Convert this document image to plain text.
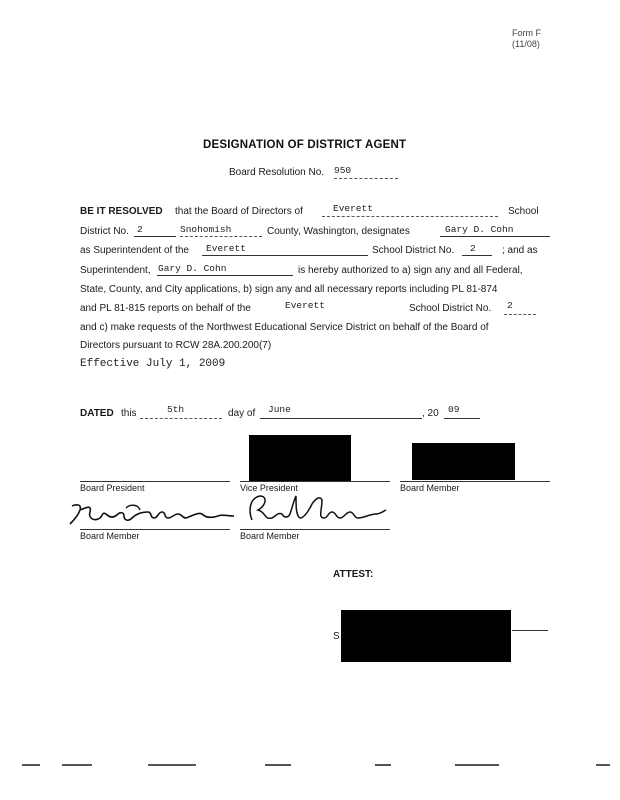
Form F
(11/08)
DESIGNATION OF DISTRICT AGENT
Board Resolution No. 950
BE IT RESOLVED that the Board of Directors of	Everett	School
District No. 2	Snohomish	County, Washington, designates	Gary D. Cohn
as Superintendent of the Everett	School District No. 2	; and as
Superintendent, Gary D. Cohn	is hereby authorized to a) sign any and all Federal,
State, County, and City applications, b) sign any and all necessary reports including PL 81-874
and PL 81-815 reports on behalf of the	Everett	School District No. 2
and c) make requests of the Northwest Educational Service District on behalf of the Board of
Directors pursuant to RCW 28A.200.200(7)
Effective July 1, 2009
DATED this	5th	day of June	, 20 09
Board President	Vice President	Board Member
Board Member	Board Member
ATTEST:
S
